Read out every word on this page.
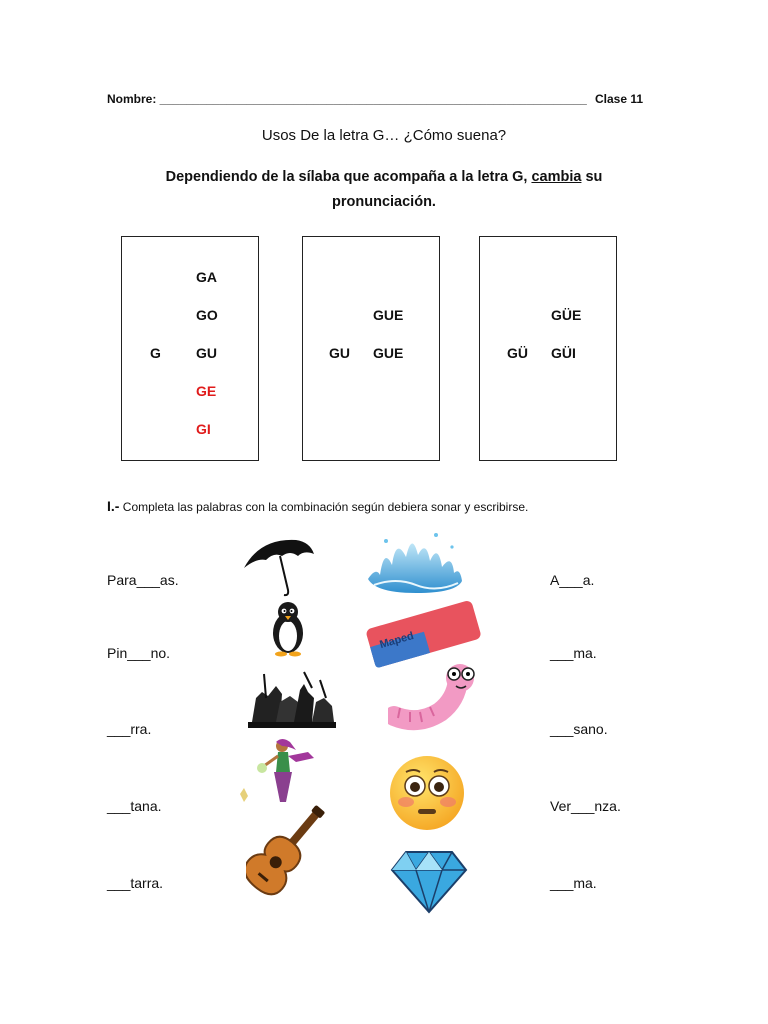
Nombre: ________________________________________________________________ Clase 11
Usos De la letra G… ¿Cómo suena?
Dependiendo de la sílaba que acompaña a la letra G, cambia su pronunciación.
G
GA
GO
GU
GE
GI
GU
GUE
GUE	GÜ
GÜE
GÜI
I.- Completa las palabras con la combinación según debiera sonar y escribirse.
Para___as.
Pin___no.
___rra.
___tana.
___tarra.
A___a.
___ma.
___sano.
Ver___nza.
___ma.
Maped
